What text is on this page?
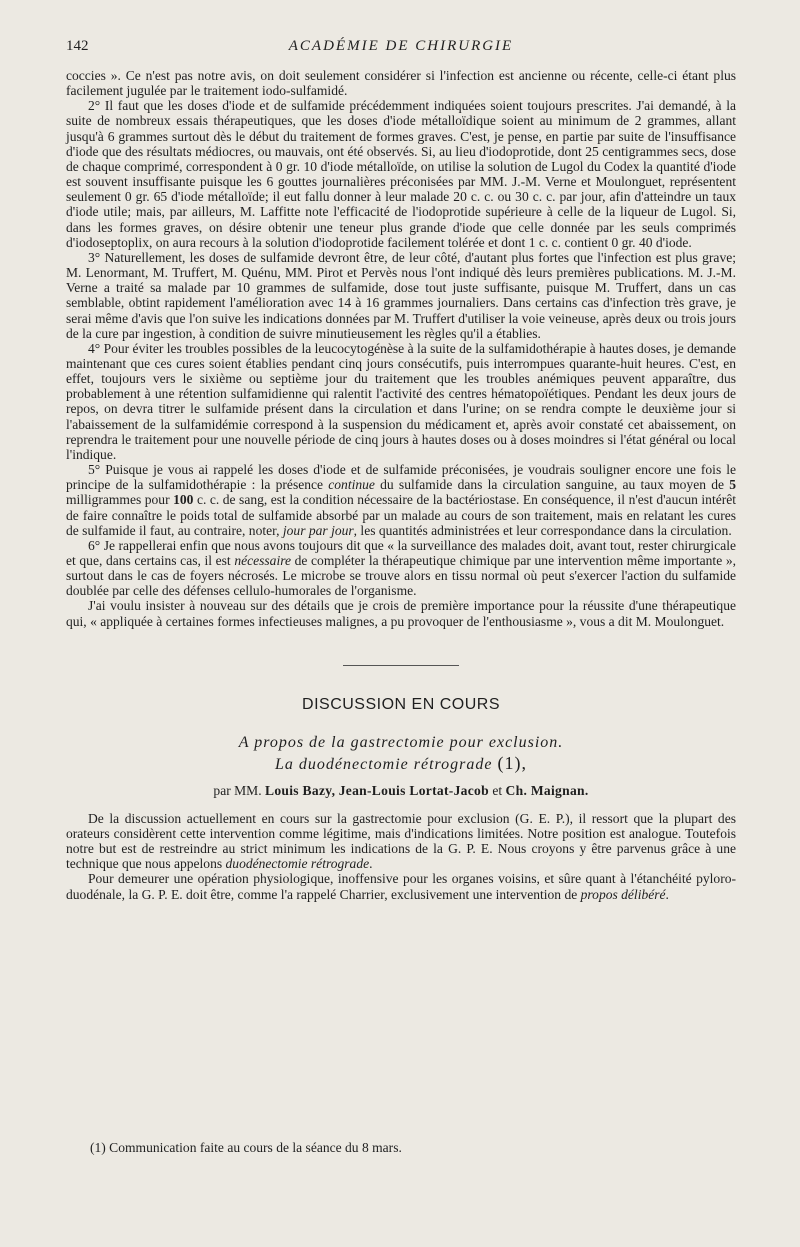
142	ACADÉMIE DE CHIRURGIE

coccies ». Ce n'est pas notre avis, on doit seulement considérer si l'infection est ancienne ou récente, celle-ci étant plus facilement jugulée par le traitement iodo-sulfamidé.

2° Il faut que les doses d'iode et de sulfamide précédemment indiquées soient toujours prescrites. J'ai demandé, à la suite de nombreux essais thérapeutiques, que les doses d'iode métalloïdique soient au minimum de 2 grammes, allant jusqu'à 6 grammes surtout dès le début du traitement de formes graves. C'est, je pense, en partie par suite de l'insuffisance d'iode que des résultats médiocres, ou mauvais, ont été observés. Si, au lieu d'iodoprotide, dont 25 centigrammes secs, dose de chaque comprimé, correspondent à 0 gr. 10 d'iode métalloïde, on utilise la solution de Lugol du Codex la quantité d'iode est souvent insuffisante puisque les 6 gouttes journalières préconisées par MM. J.-M. Verne et Moulonguet, représentent seulement 0 gr. 65 d'iode métalloïde; il eut fallu donner à leur malade 20 c. c. ou 30 c. c. par jour, afin d'atteindre un taux d'iode utile; mais, par ailleurs, M. Laffitte note l'efficacité de l'iodoprotide supérieure à celle de la liqueur de Lugol. Si, dans les formes graves, on désire obtenir une teneur plus grande d'iode que celle donnée par les seuls comprimés d'iodoseptoplix, on aura recours à la solution d'iodoprotide facilement tolérée et dont 1 c. c. contient 0 gr. 40 d'iode.

3° Naturellement, les doses de sulfamide devront être, de leur côté, d'autant plus fortes que l'infection est plus grave; M. Lenormant, M. Truffert, M. Quénu, MM. Pirot et Pervès nous l'ont indiqué dès leurs premières publications. M. J.-M. Verne a traité sa malade par 10 grammes de sulfamide, dose tout juste suffisante, puisque M. Truffert, dans un cas semblable, obtint rapidement l'amélioration avec 14 à 16 grammes journaliers. Dans certains cas d'infection très grave, je serai même d'avis que l'on suive les indications données par M. Truffert d'utiliser la voie veineuse, après deux ou trois jours de la cure par ingestion, à condition de suivre minutieusement les règles qu'il a établies.

4° Pour éviter les troubles possibles de la leucocytogénèse à la suite de la sulfamidothérapie à hautes doses, je demande maintenant que ces cures soient établies pendant cinq jours consécutifs, puis interrompues quarante-huit heures. C'est, en effet, toujours vers le sixième ou septième jour du traitement que les troubles anémiques peuvent apparaître, dus probablement à une rétention sulfamidienne qui ralentit l'activité des centres hématopoïétiques. Pendant les deux jours de repos, on devra titrer le sulfamide présent dans la circulation et dans l'urine; on se rendra compte le deuxième jour si l'abaissement de la sulfamidémie correspond à la suspension du médicament et, après avoir constaté cet abaissement, on reprendra le traitement pour une nouvelle période de cinq jours à hautes doses ou à doses moindres si l'état général ou local l'indique.

5° Puisque je vous ai rappelé les doses d'iode et de sulfamide préconisées, je voudrais souligner encore une fois le principe de la sulfamidothérapie : la présence continue du sulfamide dans la circulation sanguine, au taux moyen de 5 milligrammes pour 100 c. c. de sang, est la condition nécessaire de la bactériostase. En conséquence, il n'est d'aucun intérêt de faire connaître le poids total de sulfamide absorbé par un malade au cours de son traitement, mais en relatant les cures de sulfamide il faut, au contraire, noter, jour par jour, les quantités administrées et leur correspondance dans la circulation.

6° Je rappellerai enfin que nous avons toujours dit que « la surveillance des malades doit, avant tout, rester chirurgicale et que, dans certains cas, il est nécessaire de compléter la thérapeutique chimique par une intervention même importante », surtout dans le cas de foyers nécrosés. Le microbe se trouve alors en tissu normal où peut s'exercer l'action du sulfamide doublée par celle des défenses cellulo-humorales de l'organisme.

J'ai voulu insister à nouveau sur des détails que je crois de première importance pour la réussite d'une thérapeutique qui, « appliquée à certaines formes infectieuses malignes, a pu provoquer de l'enthousiasme », vous a dit M. Moulonguet.

DISCUSSION EN COURS
A propos de la gastrectomie pour exclusion.
La duodénectomie rétrograde (1),
par MM. Louis Bazy, Jean-Louis Lortat-Jacob et Ch. Maignan.

De la discussion actuellement en cours sur la gastrectomie pour exclusion (G. E. P.), il ressort que la plupart des orateurs considèrent cette intervention comme légitime, mais d'indications limitées. Notre position est analogue. Toutefois notre but est de restreindre au strict minimum les indications de la G. P. E. Nous croyons y être parvenus grâce à une technique que nous appelons duodénectomie rétrograde.

Pour demeurer une opération physiologique, inoffensive pour les organes voisins, et sûre quant à l'étanchéité pyloro-duodénale, la G. P. E. doit être, comme l'a rappelé Charrier, exclusivement une intervention de propos délibéré.

(1) Communication faite au cours de la séance du 8 mars.
